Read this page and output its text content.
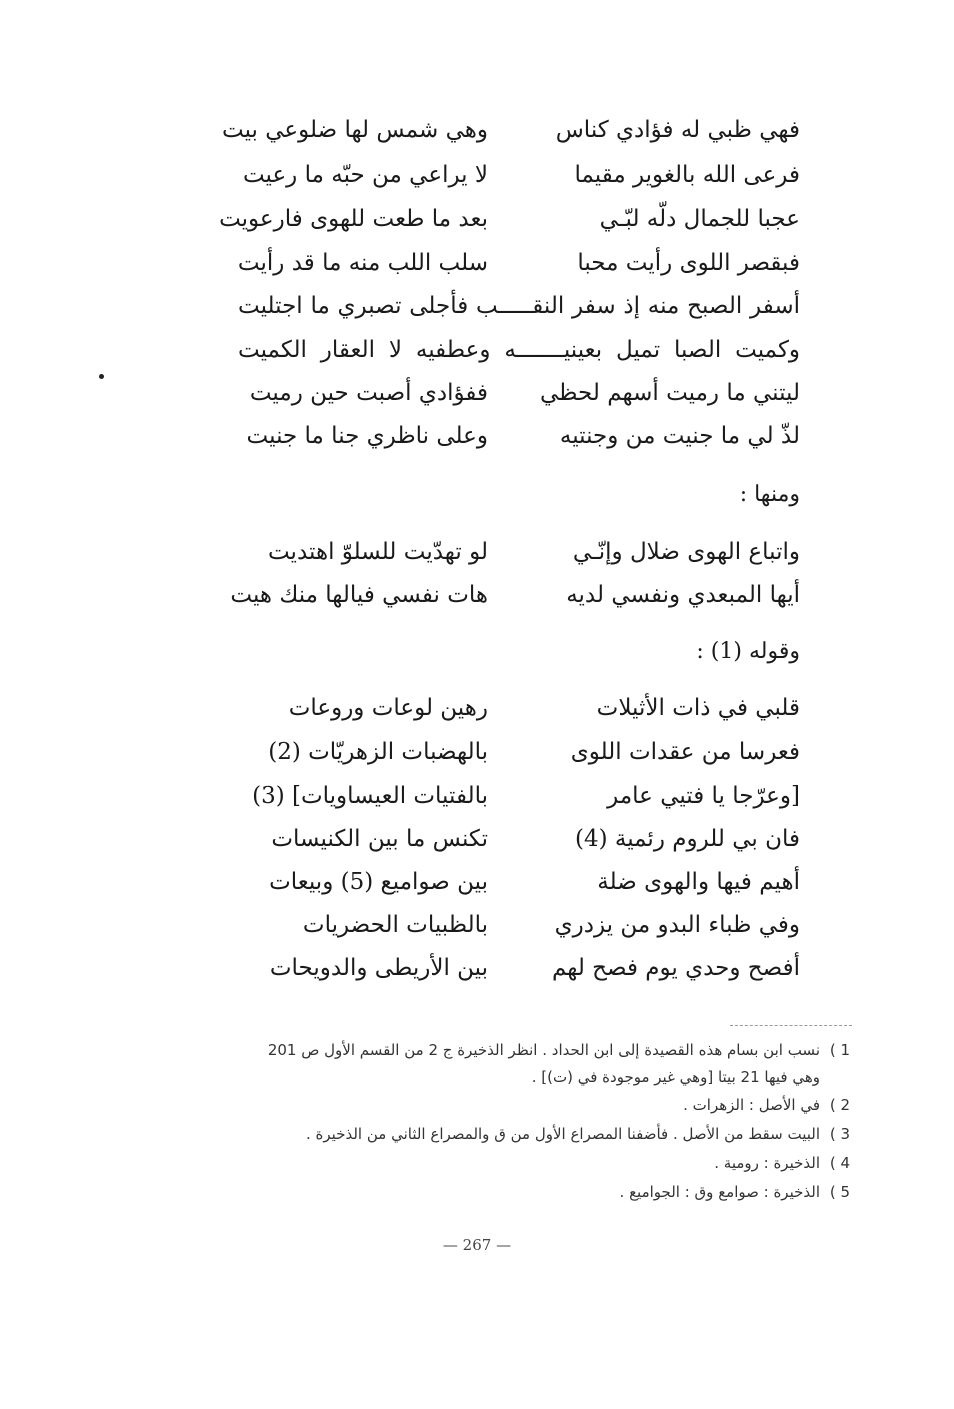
فهي ظبي له فؤادي كناس
وهي شمس لها ضلوعي بيت
فرعى الله بالغوير مقيما
لا يراعي من حبّه ما رعيت
عجبا للجمال دلّه لبّـي
بعد ما طعت للهوى فارعويت
فبقصر اللوى رأيت محبا
سلب اللب منه ما قد رأيت
أسفر الصبح منه إذ سفر النقـــــب فأجلى تصبري ما اجتليت
وكميت الصبا تميل بعينيـــــــه وعطفيه لا العقار الكميت
ليتني ما رميت أسهم لحظي
ففؤادي أصبت حين رميت
لذّ لي ما جنيت من وجنتيه
وعلى ناظري جنا ما جنيت
ومنها :
واتباع الهوى ضلال وإنّـي
لو تهدّيت للسلوّ اهتديت
أيها المبعدي ونفسي لديه
هات نفسي فيالها منك هيت
وقوله (1) :
قلبي في ذات الأثيلات
رهين لوعات وروعات
فعرسا من عقدات اللوى
بالهضبات الزهريّات (2)
[وعرّجا يا فتيي عامر
بالفتيات العيساويات] (3)
فان بي للروم رئمية (4)
تكنس ما بين الكنيسات
أهيم فيها والهوى ضلة
بين صواميع (5) وبيعات
وفي ظباء البدو من يزدري
بالظبيات الحضريات
أفصح وحدي يوم فصح لهم
بين الأريطى والدويحات
1 )
نسب ابن بسام هذه القصيدة إلى ابن الحداد . انظر الذخيرة ج 2 من القسم الأول ص 201
وهي فيها 21 بيتا [وهي غير موجودة في (ت)] .
2 )
في الأصل : الزهرات .
3 )
البيت سقط من الأصل . فأضفنا المصراع الأول من ق والمصراع الثاني من الذخيرة .
4 )
الذخيرة : رومية .
5 )
الذخيرة : صوامع وق : الجواميع .
— 267 —
